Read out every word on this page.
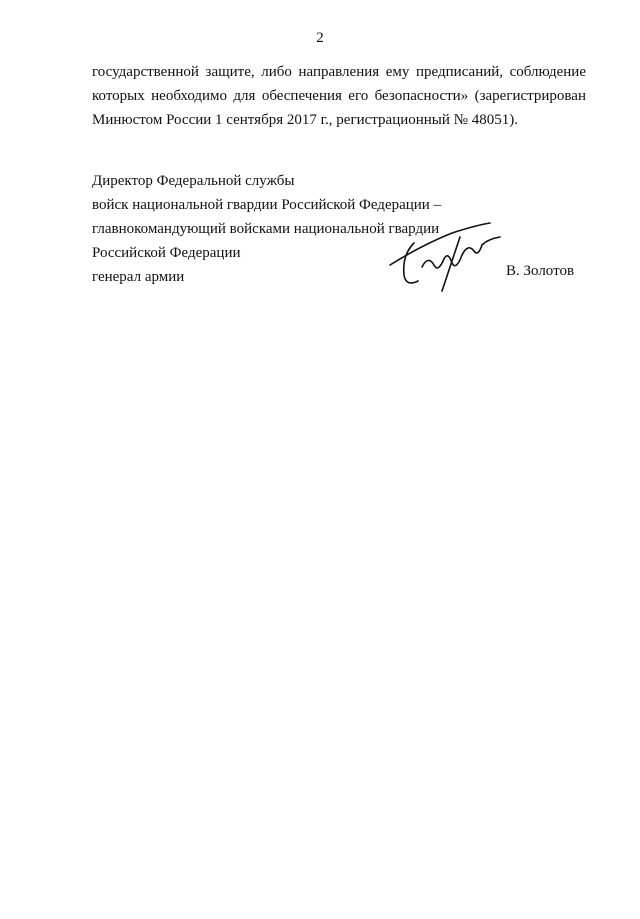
2
государственной защите, либо направления ему предписаний, соблюдение
которых необходимо для обеспечения его безопасности» (зарегистрирован
Минюстом России 1 сентября 2017 г., регистрационный № 48051).
Директор Федеральной службы
войск национальной гвардии Российской Федерации –
главнокомандующий войсками национальной гвардии
Российской Федерации
генерал армии	В. Золотов
